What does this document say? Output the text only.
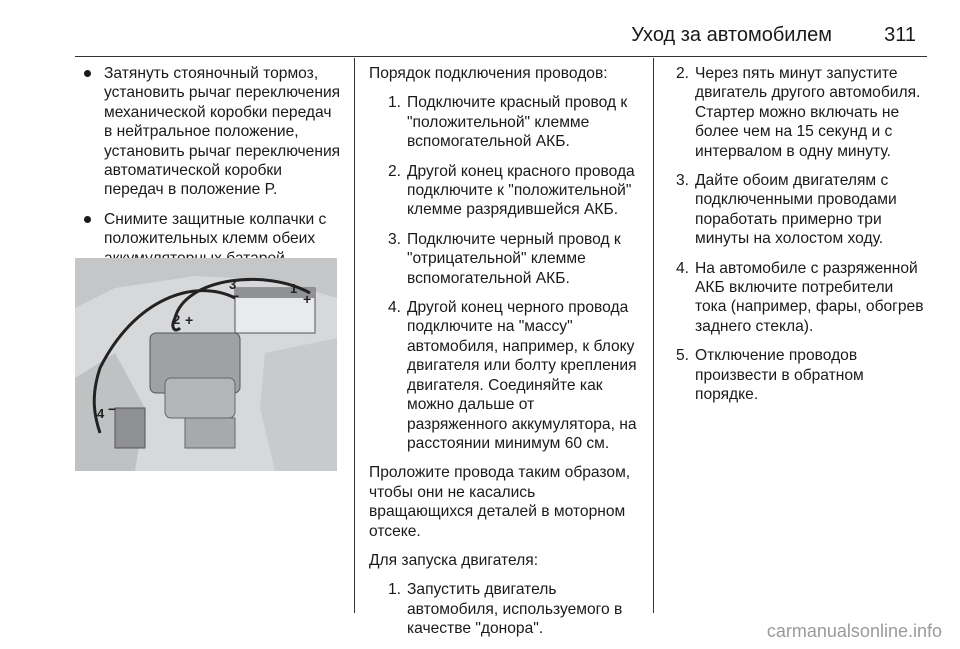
Уход за автомобилем	311
Затянуть стояночный тормоз, установить рычаг переключения механической коробки передач в нейтральное положение, установить рычаг переключения автоматической коробки передач в положение P.
Снимите защитные колпачки с положительных клемм обеих
1
+
2 +
3
−
4 −

Порядок подключения проводов:

1. Подключите красный провод к "положительной" клемме вспомогательной АКБ.
2. Другой конец красного провода подключите к "положительной" клемме разрядившейся АКБ.
3. Подключите черный провод к "отрицательной" клемме вспомогательной АКБ.
4. Другой конец черного провода подключите на "массу" автомобиля, например, к блоку двигателя или болту крепления двигателя. Соединяйте как можно дальше от разряженного аккумулятора, на расстоянии минимум 60 см.

Проложите провода таким образом, чтобы они не касались вращающихся деталей в моторном отсеке.

Для запуска двигателя:

1. Запустить двигатель автомобиля, используемого в качестве "донора".
2. Через пять минут запустите двигатель другого автомобиля. Стартер можно включать не более чем на 15 секунд и с интервалом в одну минуту.
3. Дайте обоим двигателям с подключенными проводами поработать примерно три минуты на холостом ходу.
4. На автомобиле с разряженной АКБ включите потребители тока (например, фары, обогрев заднего стекла).
5. Отключение проводов произвести в обратном порядке.
carmanualsonline.info
